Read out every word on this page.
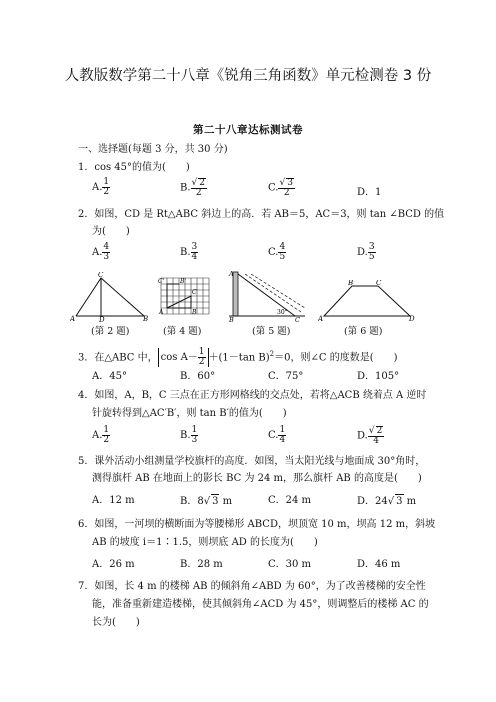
人教版数学第二十八章《锐角三角函数》单元检测卷 3 份
第二十八章达标测试卷
一、选择题(每题 3 分，共 30 分)
1．cos 45°的值为(　　)
A. $\frac{1}{2}$	B. $\frac{√ 2}{2}$	C. $\frac{√ 3}{2}$	D．1
2．如图，CD 是 Rt△ABC 斜边上的高．若 AB＝5，AC＝3，则 tan ∠BCD 的值
为(　　)
A. $\frac{4}{3}$	B. $\frac{3}{4}$	C. $\frac{4}{5}$	D. $\frac{3}{5}$
A	B
C
D
A	B
C
B'
C'
A
B	C
30°
A
B	C
D
(第 2 题)	(第 4 题)	(第 5 题)	(第 6 题)
3．在△ABC 中， $\cos A- \frac{1}{2} +(1-\tan$ B)$^2$＝0，则∠C 的度数是(　　)
A．45°	B．60°	C．75°	D．105°
4．如图，A，B，C 三点在正方形网格线的交点处，若将△ACB 绕着点 A 逆时
针旋转得到△AC′B′，则 tan B′的值为(　　)
A. $\frac{1}{2}$	B. $\frac{1}{3}$	C. $\frac{1}{4}$	D. $\frac{√ 2}{4}$
5．课外活动小组测量学校旗杆的高度．如图，当太阳光线与地面成 30°角时，
测得旗杆 AB 在地面上的影长 BC 为 24 m，那么旗杆 AB 的高度是(　　)
A．12 m	B．8√ 3 m	C．24 m	D．24√ 3 m
6．如图，一河坝的横断面为等腰梯形 ABCD，坝顶宽 10 m，坝高 12 m，斜坡
AB 的坡度 i＝1∶1.5，则坝底 AD 的长度为(　　)
A．26 m	B．28 m	C．30 m	D．46 m
7．如图，长 4 m 的楼梯 AB 的倾斜角∠ABD 为 60°，为了改善楼梯的安全性
能，准备重新建造楼梯，使其倾斜角∠ACD 为 45°，则调整后的楼梯 AC 的
长为(　　)
